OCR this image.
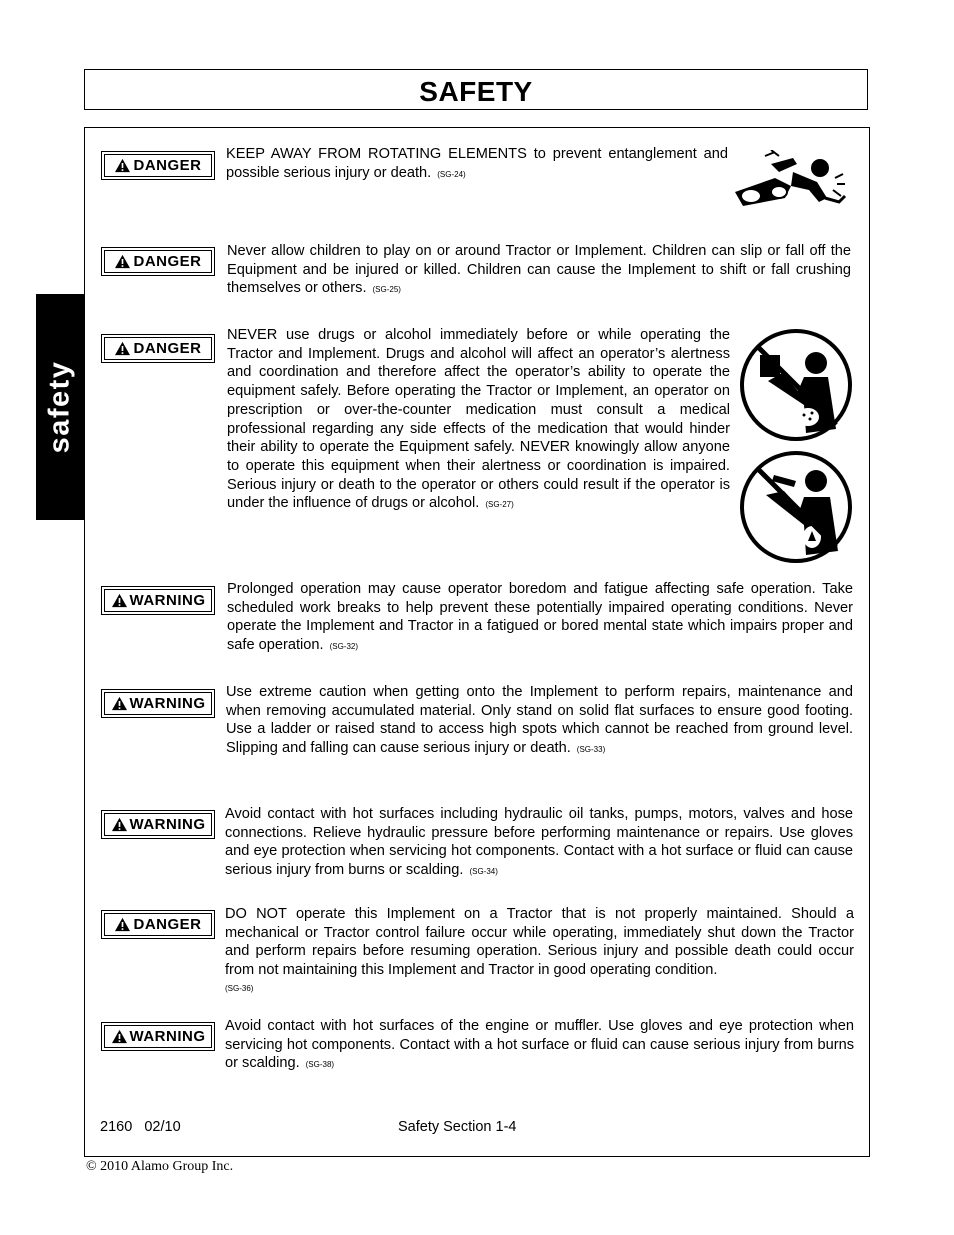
SAFETY
safety
DANGER
KEEP AWAY FROM ROTATING ELEMENTS to prevent entanglement and possible serious injury or death. (SG-24)
DANGER
Never allow children to play on or around Tractor or Implement. Children can slip or fall off the Equipment and be injured or killed. Children can cause the Implement to shift or fall crushing themselves or others. (SG-25)
DANGER
NEVER use drugs or alcohol immediately before or while operating the Tractor and Implement. Drugs and alcohol will affect an operator’s alertness and coordination and therefore affect the operator’s ability to operate the equipment safely. Before operating the Tractor or Implement, an operator on prescription or over-the-counter medication must consult a medical professional regarding any side effects of the medication that would hinder their ability to operate the Equipment safely. NEVER knowingly allow anyone to operate this equipment when their alertness or coordination is impaired. Serious injury or death to the operator or others could result if the operator is under the influence of drugs or alcohol. (SG-27)
WARNING
Prolonged operation may cause operator boredom and fatigue affecting safe operation. Take scheduled work breaks to help prevent these potentially impaired operating conditions. Never operate the Implement and Tractor in a fatigued or bored mental state which impairs proper and safe operation. (SG-32)
WARNING
Use extreme caution when getting onto the Implement to perform repairs, maintenance and when removing accumulated material. Only stand on solid flat surfaces to ensure good footing. Use a ladder or raised stand to access high spots which cannot be reached from ground level. Slipping and falling can cause serious injury or death. (SG-33)
WARNING
Avoid contact with hot surfaces including hydraulic oil tanks, pumps, motors, valves and hose connections. Relieve hydraulic pressure before performing maintenance or repairs. Use gloves and eye protection when servicing hot components. Contact with a hot surface or fluid can cause serious injury from burns or scalding. (SG-34)
DANGER
DO NOT operate this Implement on a Tractor that is not properly maintained. Should a mechanical or Tractor control failure occur while operating, immediately shut down the Tractor and perform repairs before resuming operation. Serious injury and possible death could occur from not maintaining this Implement and Tractor in good operating condition.
(SG-36)
WARNING
Avoid contact with hot surfaces of the engine or muffler. Use gloves and eye protection when servicing hot components. Contact with a hot surface or fluid can cause serious injury from burns or scalding. (SG-38)
2160   02/10	Safety Section 1-4
© 2010 Alamo Group Inc.
